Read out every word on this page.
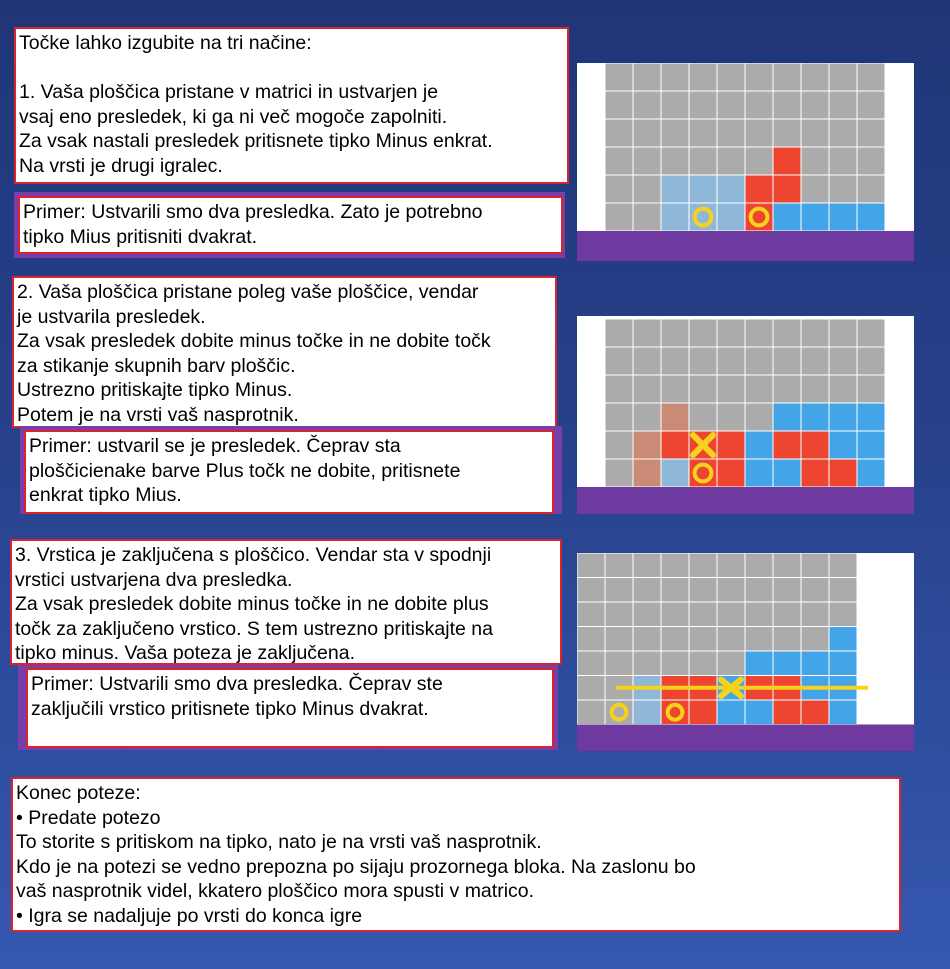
Točke lahko izgubite na tri načine:

1. Vaša ploščica pristane v matrici in ustvarjen je
vsaj eno presledek, ki ga ni več mogoče zapolniti.
Za vsak nastali presledek pritisnete tipko Minus enkrat.
Na vrsti je drugi igralec.
Primer: Ustvarili smo dva presledka. Zato je potrebno
tipko Mius pritisniti dvakrat.
2. Vaša ploščica pristane poleg vaše ploščice, vendar
je ustvarila presledek.
Za vsak presledek dobite minus točke in ne dobite točk
za stikanje skupnih barv ploščic.
Ustrezno pritiskajte tipko Minus.
Potem je na vrsti vaš nasprotnik.
Primer: ustvaril se je presledek. Čeprav sta
ploščicienake barve Plus točk ne dobite, pritisnete
enkrat tipko Mius.
3. Vrstica je zaključena s ploščico. Vendar sta v spodnji
vrstici ustvarjena dva presledka.
Za vsak presledek dobite minus točke in ne dobite plus
točk za zaključeno vrstico. S tem ustrezno pritiskajte na
tipko minus. Vaša poteza je zaključena.
Primer: Ustvarili smo dva presledka. Čeprav ste
zaključili vrstico pritisnete tipko Minus dvakrat.
Konec poteze:
• Predate potezo
To storite s pritiskom na tipko, nato je na vrsti vaš nasprotnik.
Kdo je na potezi se vedno prepozna po sijaju prozornega bloka. Na zaslonu bo
vaš nasprotnik videl, kkatero ploščico mora spusti v matrico.
• Igra se nadaljuje po vrsti do konca igre
